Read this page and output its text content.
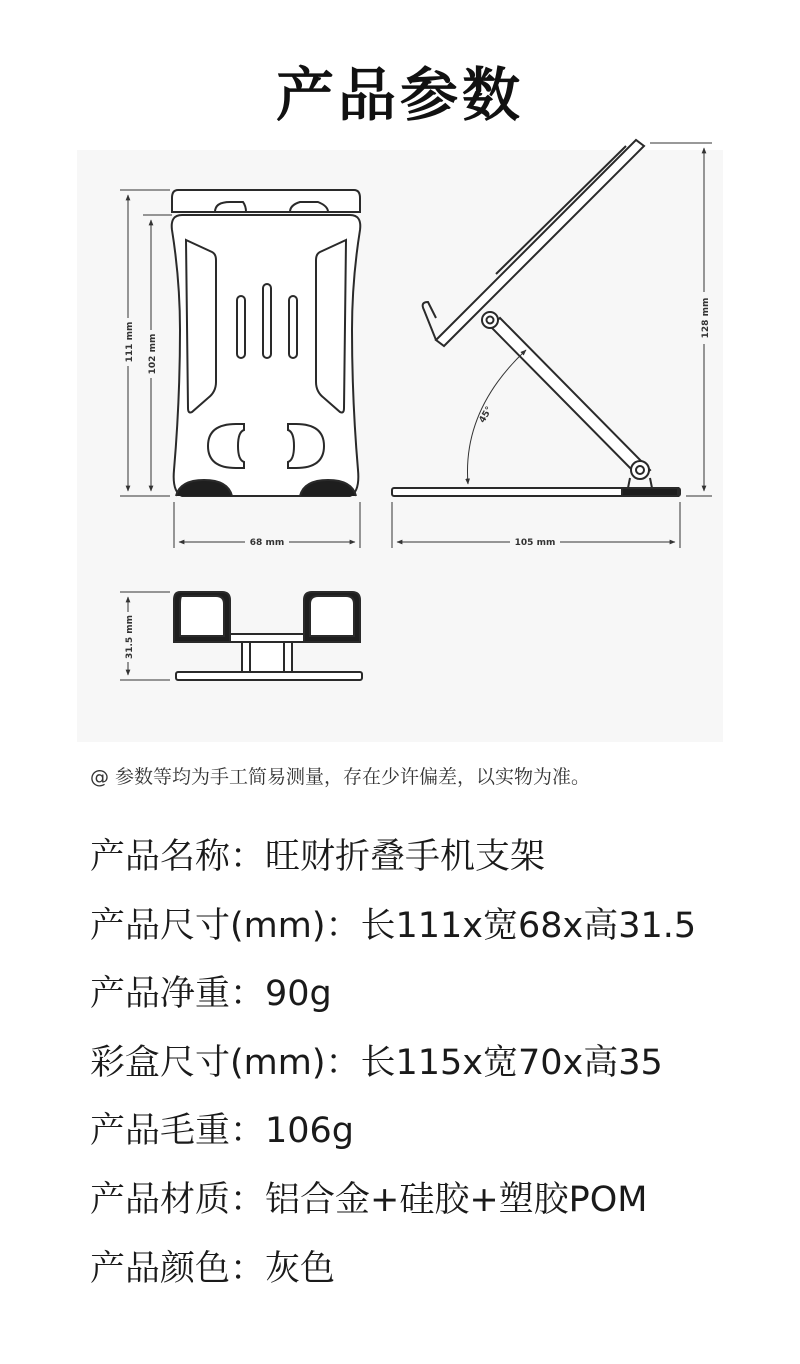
产品参数
111 mm 102 mm
68 mm
45°
128 mm
105 mm
31.5 mm
@ 参数等均为手工简易测量，存在少许偏差，以实物为准。
产品名称：旺财折叠手机支架
产品尺寸(mm)：长111x宽68x高31.5
产品净重：90g
彩盒尺寸(mm)：长115x宽70x高35
产品毛重：106g
产品材质：铝合金+硅胶+塑胶POM
产品颜色：灰色
